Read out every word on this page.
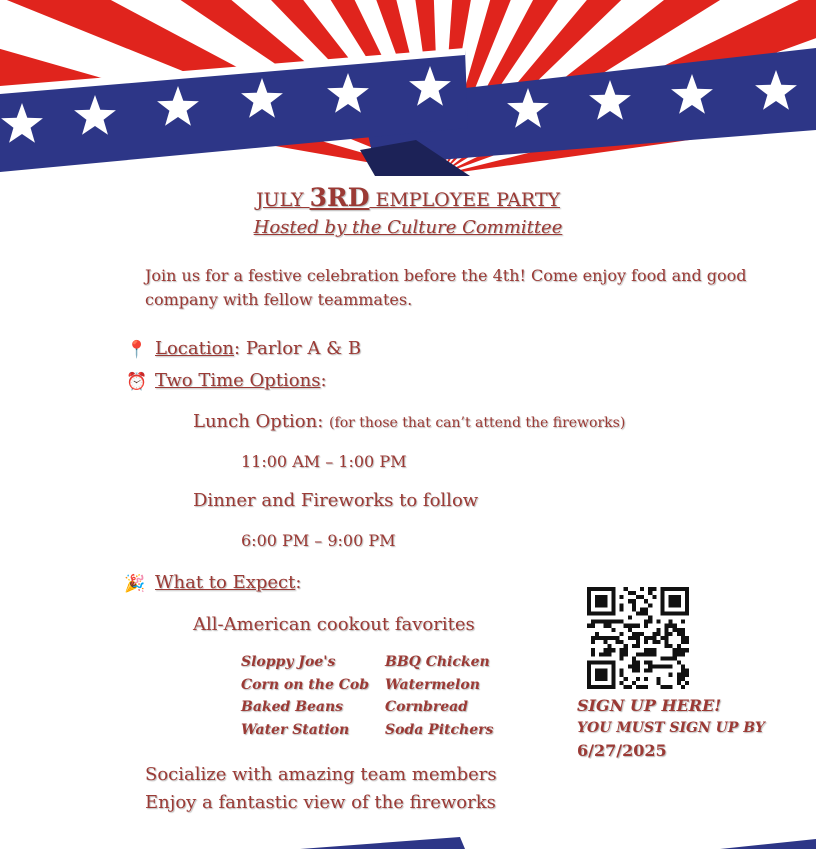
JULY 3RD EMPLOYEE PARTY
Hosted by the Culture Committee
Join us for a festive celebration before the 4th! Come enjoy food and good company with fellow teammates.
📍 Location: Parlor A & B
⏰ Two Time Options:
Lunch Option: (for those that can’t attend the fireworks)
11:00 AM – 1:00 PM
Dinner and Fireworks to follow
6:00 PM – 9:00 PM
🎉 What to Expect:
All-American cookout favorites
Sloppy Joe's
Corn on the Cob
Baked Beans
Water Station
BBQ Chicken
Watermelon
Cornbread
Soda Pitchers
Socialize with amazing team members
Enjoy a fantastic view of the fireworks
SIGN UP HERE!
YOU MUST SIGN UP BY
6/27/2025
